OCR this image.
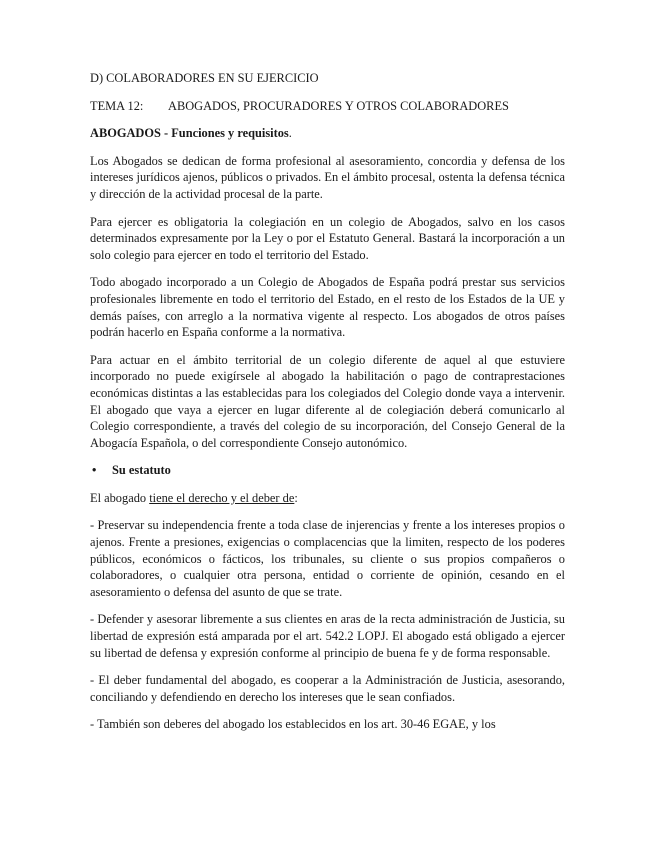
D) COLABORADORES EN SU EJERCICIO
TEMA 12: ABOGADOS, PROCURADORES Y OTROS COLABORADORES
ABOGADOS - Funciones y requisitos.

Los Abogados se dedican de forma profesional al asesoramiento, concordia y defensa de los intereses jurídicos ajenos, públicos o privados. En el ámbito procesal, ostenta la defensa técnica y dirección de la actividad procesal de la parte.

Para ejercer es obligatoria la colegiación en un colegio de Abogados, salvo en los casos determinados expresamente por la Ley o por el Estatuto General. Bastará la incorporación a un solo colegio para ejercer en todo el territorio del Estado.

Todo abogado incorporado a un Colegio de Abogados de España podrá prestar sus servicios profesionales libremente en todo el territorio del Estado, en el resto de los Estados de la UE y demás países, con arreglo a la normativa vigente al respecto. Los abogados de otros países podrán hacerlo en España conforme a la normativa.

Para actuar en el ámbito territorial de un colegio diferente de aquel al que estuviere incorporado no puede exigírsele al abogado la habilitación o pago de contraprestaciones económicas distintas a las establecidas para los colegiados del Colegio donde vaya a intervenir. El abogado que vaya a ejercer en lugar diferente al de colegiación deberá comunicarlo al Colegio correspondiente, a través del colegio de su incorporación, del Consejo General de la Abogacía Española, o del correspondiente Consejo autonómico.

• Su estatuto

El abogado tiene el derecho y el deber de:

- Preservar su independencia frente a toda clase de injerencias y frente a los intereses propios o ajenos. Frente a presiones, exigencias o complacencias que la limiten, respecto de los poderes públicos, económicos o fácticos, los tribunales, su cliente o sus propios compañeros o colaboradores, o cualquier otra persona, entidad o corriente de opinión, cesando en el asesoramiento o defensa del asunto de que se trate.

- Defender y asesorar libremente a sus clientes en aras de la recta administración de Justicia, su libertad de expresión está amparada por el art. 542.2 LOPJ. El abogado está obligado a ejercer su libertad de defensa y expresión conforme al principio de buena fe y de forma responsable.

- El deber fundamental del abogado, es cooperar a la Administración de Justicia, asesorando, conciliando y defendiendo en derecho los intereses que le sean confiados.

- También son deberes del abogado los establecidos en los art. 30-46 EGAE, y los
